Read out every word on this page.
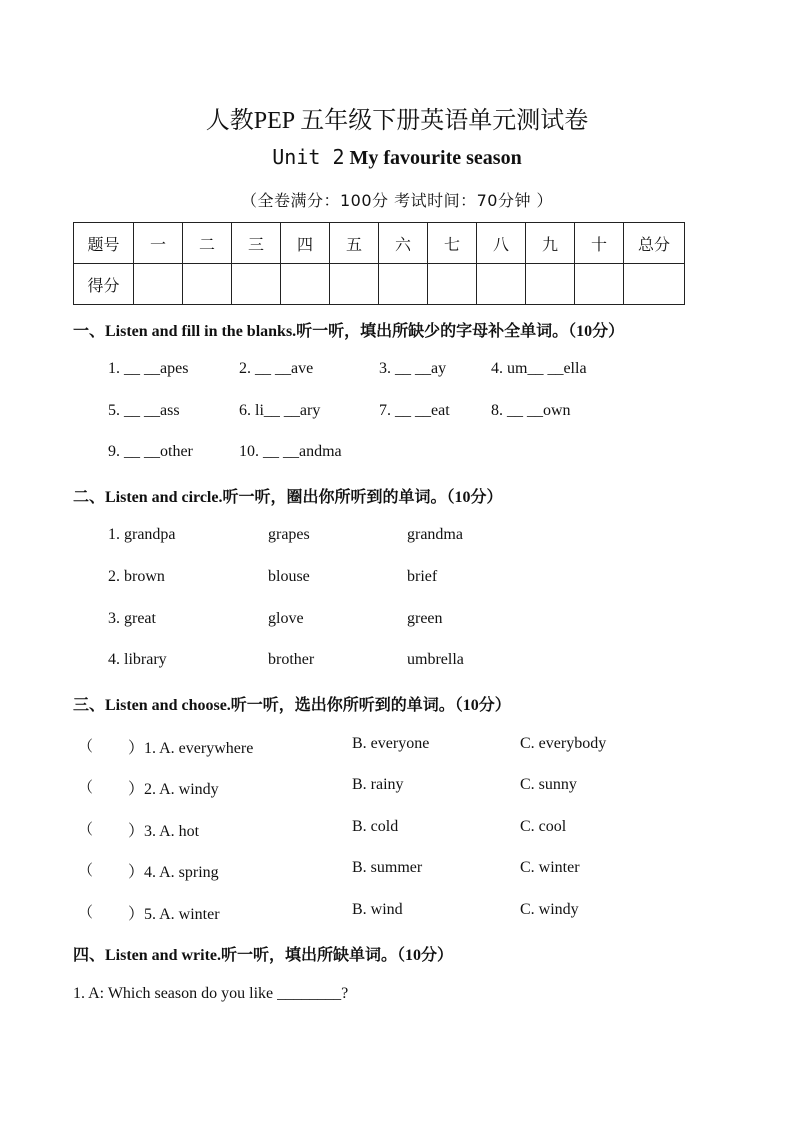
人教PEP 五年级下册英语单元测试卷
Unit 2 My favourite season
（全卷满分：100分 考试时间：70分钟 ）
题号	一	二	三	四	五	六	七	八	九	十	总分
得分											
一、Listen and fill in the blanks.听一听，填出所缺少的字母补全单词。（10分）
1. __ __apes	2. __ __ave	3. __ __ay	4. um__ __ella
5. __ __ass	6. li__ __ary	7. __ __eat	8. __ __own
9. __ __other	10. __ __andma
二、Listen and circle.听一听，圈出你所听到的单词。（10分）
1. grandpa	grapes	grandma
2. brown	blouse	brief
3. great	glove	green
4. library	brother	umbrella
三、Listen and choose.听一听，选出你所听到的单词。（10分）
（ ）1. A. everywhere	B. everyone	C. everybody
（ ）2. A. windy	B. rainy	C. sunny
（ ）3. A. hot	B. cold	C. cool
（ ）4. A. spring	B. summer	C. winter
（ ）5. A. winter	B. wind	C. windy
四、Listen and write.听一听，填出所缺单词。（10分）
1. A: Which season do you like ________?
